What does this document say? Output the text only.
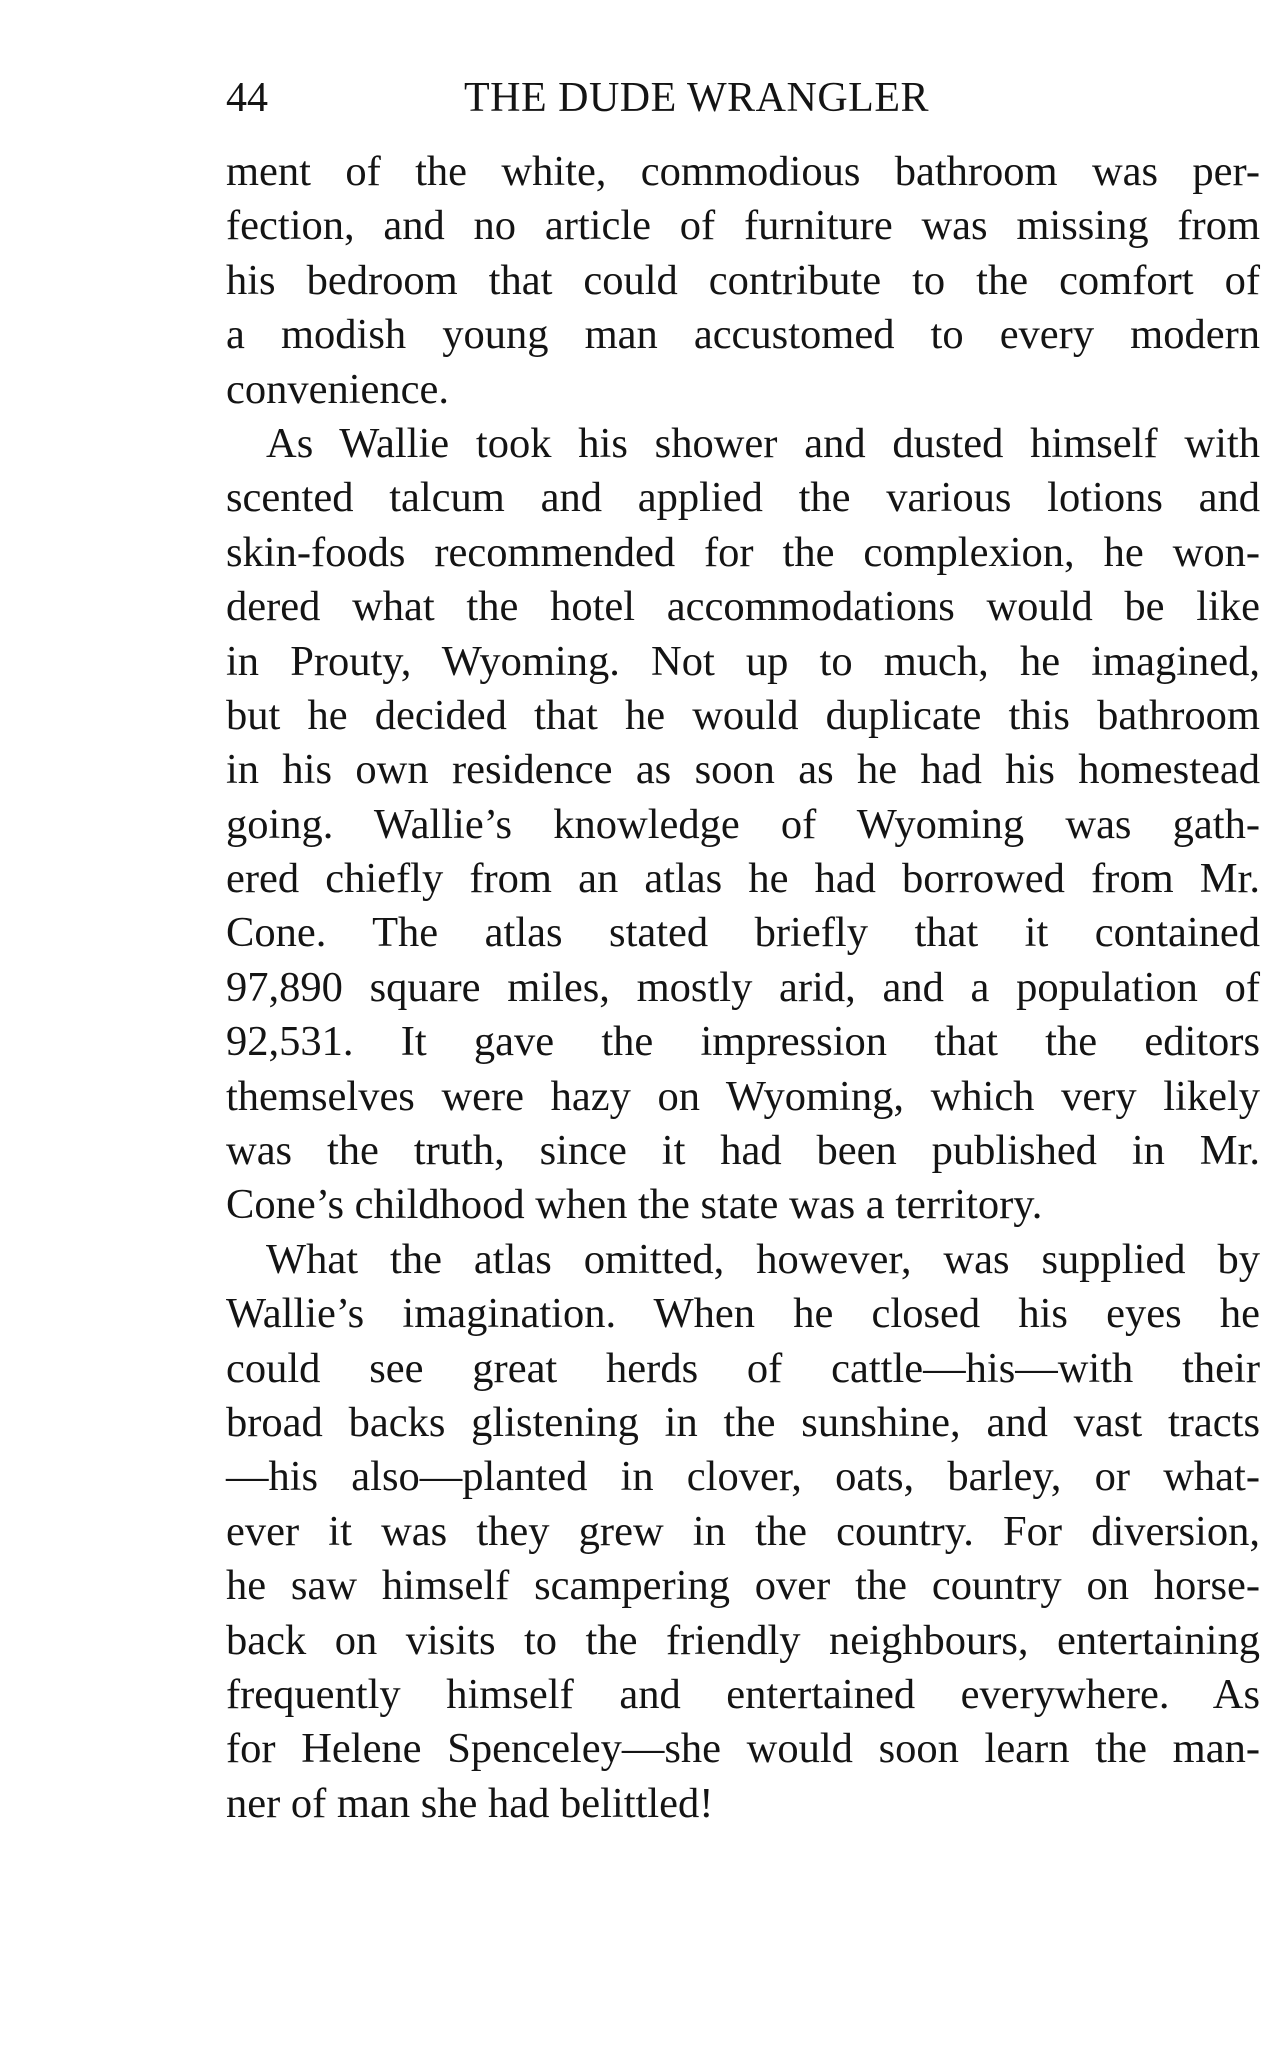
44	THE DUDE WRANGLER
ment of the white, commodious bathroom was per-
fection, and no article of furniture was missing from
his bedroom that could contribute to the comfort of
a modish young man accustomed to every modern
convenience.
As Wallie took his shower and dusted himself with
scented talcum and applied the various lotions and
skin-foods recommended for the complexion, he won-
dered what the hotel accommodations would be like
in Prouty, Wyoming. Not up to much, he imagined,
but he decided that he would duplicate this bathroom
in his own residence as soon as he had his homestead
going. Wallie’s knowledge of Wyoming was gath-
ered chiefly from an atlas he had borrowed from Mr.
Cone. The atlas stated briefly that it contained
97,890 square miles, mostly arid, and a population of
92,531. It gave the impression that the editors
themselves were hazy on Wyoming, which very likely
was the truth, since it had been published in Mr.
Cone’s childhood when the state was a territory.
What the atlas omitted, however, was supplied by
Wallie’s imagination. When he closed his eyes he
could see great herds of cattle—his—with their
broad backs glistening in the sunshine, and vast tracts
—his also—planted in clover, oats, barley, or what-
ever it was they grew in the country. For diversion,
he saw himself scampering over the country on horse-
back on visits to the friendly neighbours, entertaining
frequently himself and entertained everywhere. As
for Helene Spenceley—she would soon learn the man-
ner of man she had belittled!
